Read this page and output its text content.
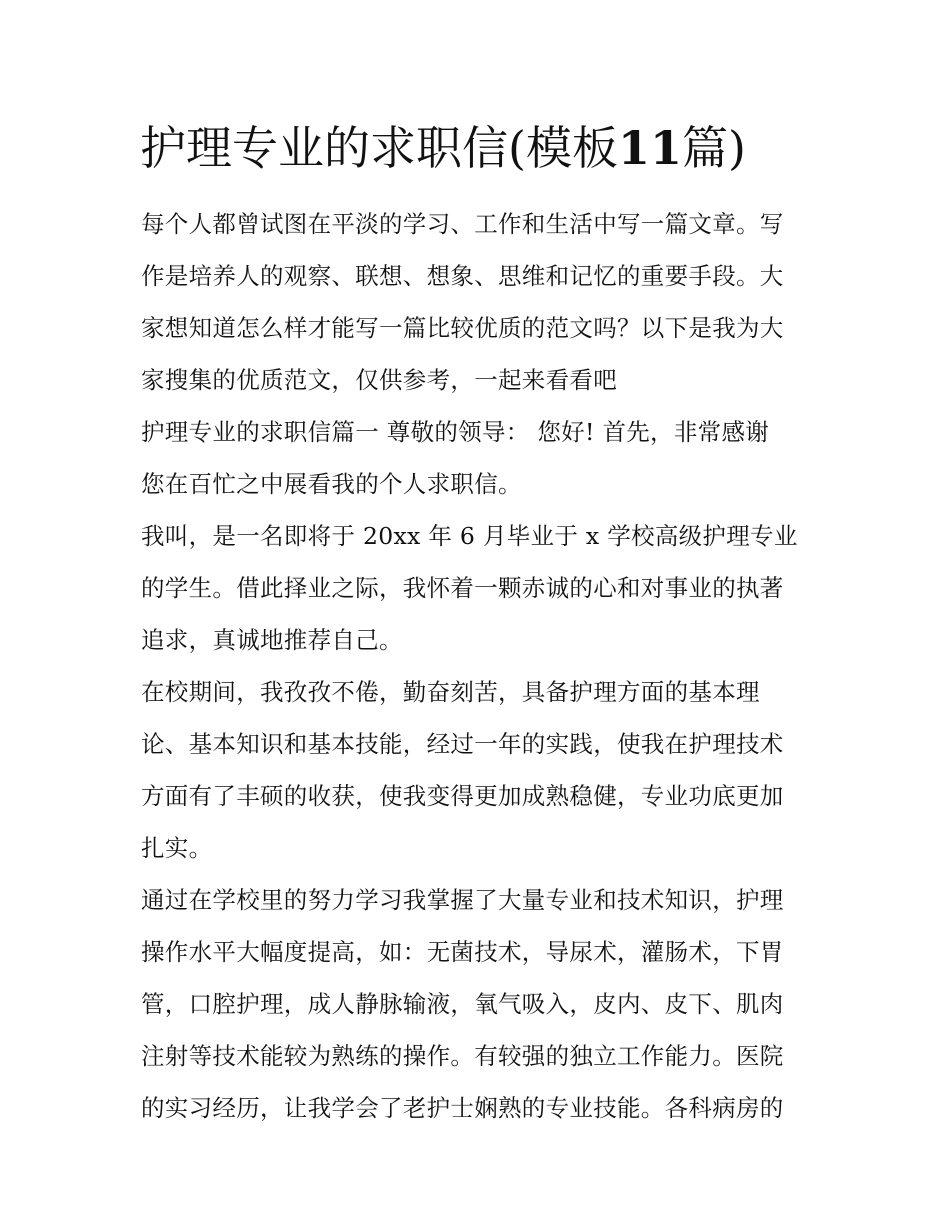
护理专业的求职信(模板11篇)
每个人都曾试图在平淡的学习、工作和生活中写一篇文章。写
作是培养人的观察、联想、想象、思维和记忆的重要手段。大
家想知道怎么样才能写一篇比较优质的范文吗？以下是我为大
家搜集的优质范文，仅供参考，一起来看看吧
护理专业的求职信篇一 尊敬的领导： 您好! 首先，非常感谢
您在百忙之中展看我的个人求职信。
我叫，是一名即将于 20xx 年 6 月毕业于 x 学校高级护理专业
的学生。借此择业之际，我怀着一颗赤诚的心和对事业的执著
追求，真诚地推荐自己。
在校期间，我孜孜不倦，勤奋刻苦，具备护理方面的基本理
论、基本知识和基本技能，经过一年的实践，使我在护理技术
方面有了丰硕的收获，使我变得更加成熟稳健，专业功底更加
扎实。
通过在学校里的努力学习我掌握了大量专业和技术知识，护理
操作水平大幅度提高，如：无菌技术，导尿术，灌肠术，下胃
管，口腔护理，成人静脉输液，氧气吸入，皮内、皮下、肌肉
注射等技术能较为熟练的操作。有较强的独立工作能力。医院
的实习经历，让我学会了老护士娴熟的专业技能。各科病房的
